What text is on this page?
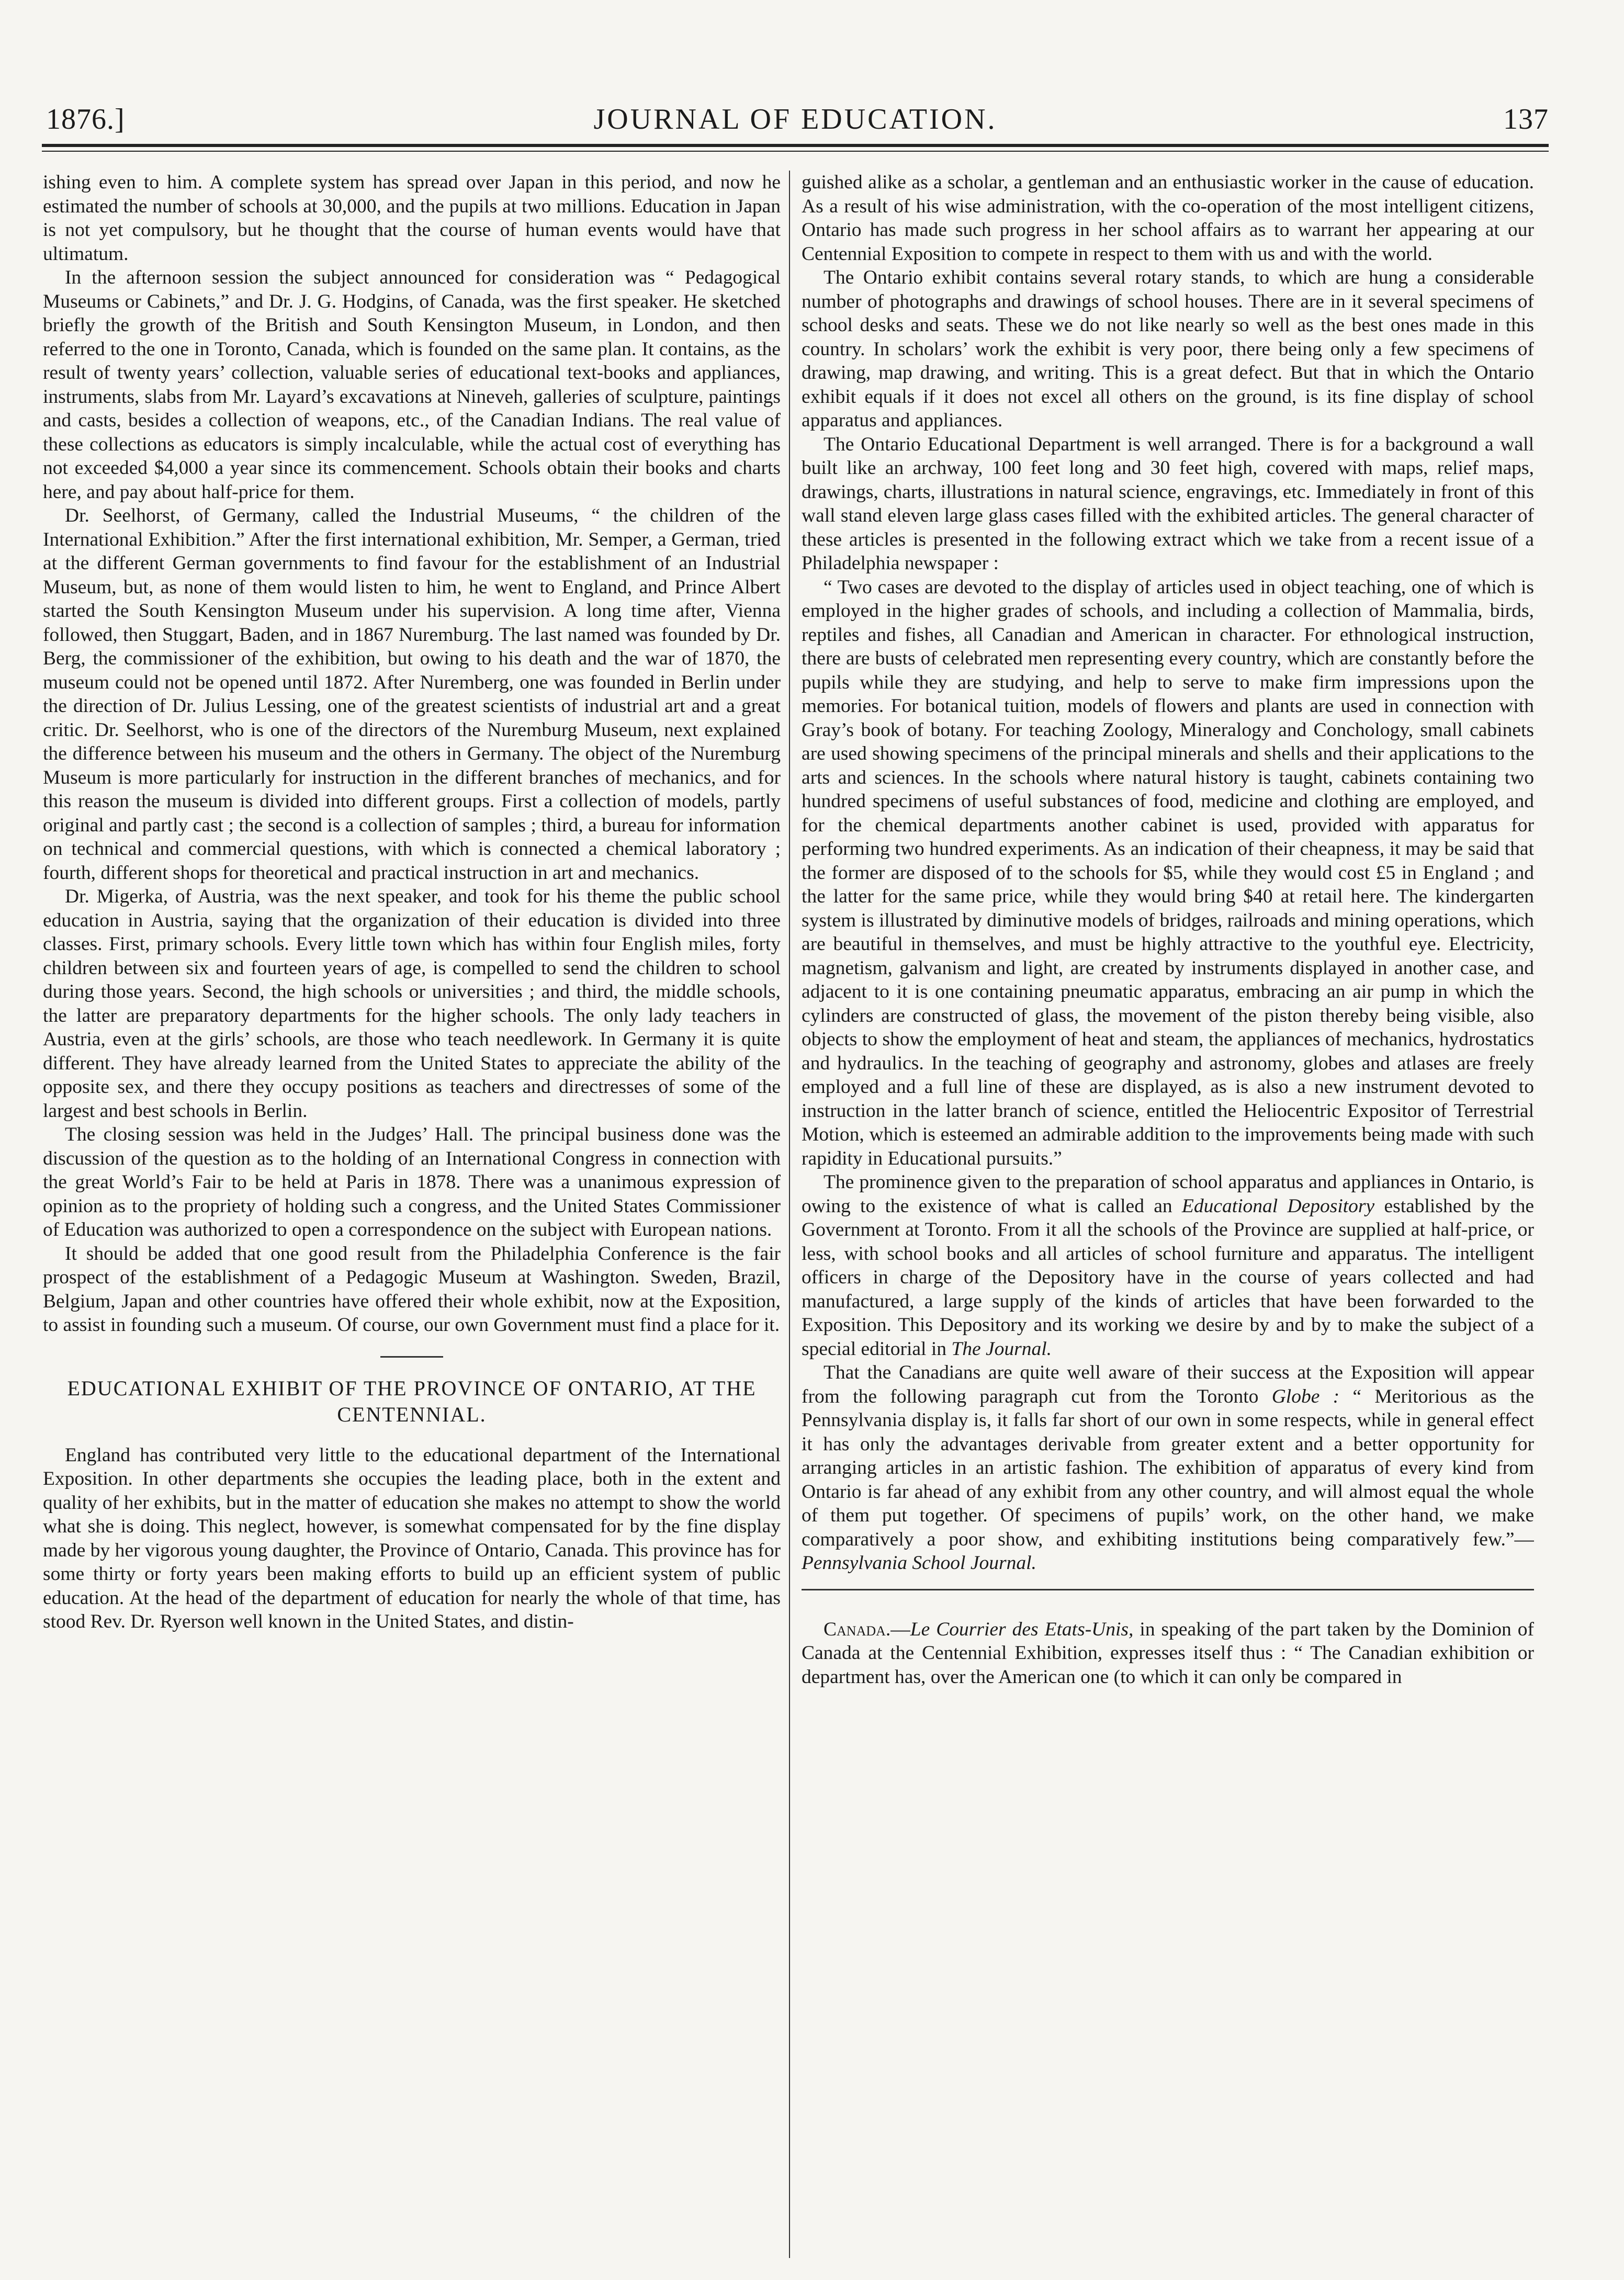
1876.]	JOURNAL OF EDUCATION.	137

ishing even to him. A complete system has spread over Japan in this period, and now he estimated the number of schools at 30,000, and the pupils at two millions. Education in Japan is not yet compulsory, but he thought that the course of human events would have that ultimatum.

In the afternoon session the subject announced for consideration was “ Pedagogical Museums or Cabinets,” and Dr. J. G. Hodgins, of Canada, was the first speaker. He sketched briefly the growth of the British and South Kensington Museum, in London, and then referred to the one in Toronto, Canada, which is founded on the same plan. It contains, as the result of twenty years’ collection, valuable series of educational text-books and appliances, instruments, slabs from Mr. Layard’s excavations at Nineveh, galleries of sculpture, paintings and casts, besides a collection of weapons, etc., of the Canadian Indians. The real value of these collections as educators is simply incalculable, while the actual cost of everything has not exceeded $4,000 a year since its commencement. Schools obtain their books and charts here, and pay about half-price for them.

Dr. Seelhorst, of Germany, called the Industrial Museums, “ the children of the International Exhibition.” After the first international exhibition, Mr. Semper, a German, tried at the different German governments to find favour for the establishment of an Industrial Museum, but, as none of them would listen to him, he went to England, and Prince Albert started the South Kensington Museum under his supervision. A long time after, Vienna followed, then Stuggart, Baden, and in 1867 Nuremburg. The last named was founded by Dr. Berg, the commissioner of the exhibition, but owing to his death and the war of 1870, the museum could not be opened until 1872. After Nuremberg, one was founded in Berlin under the direction of Dr. Julius Lessing, one of the greatest scientists of industrial art and a great critic. Dr. Seelhorst, who is one of the directors of the Nuremburg Museum, next explained the difference between his museum and the others in Germany. The object of the Nuremburg Museum is more particularly for instruction in the different branches of mechanics, and for this reason the museum is divided into different groups. First a collection of models, partly original and partly cast ; the second is a collection of samples ; third, a bureau for information on technical and commercial questions, with which is connected a chemical laboratory ; fourth, different shops for theoretical and practical instruction in art and mechanics.

Dr. Migerka, of Austria, was the next speaker, and took for his theme the public school education in Austria, saying that the organization of their education is divided into three classes. First, primary schools. Every little town which has within four English miles, forty children between six and fourteen years of age, is compelled to send the children to school during those years. Second, the high schools or universities ; and third, the middle schools, the latter are preparatory departments for the higher schools. The only lady teachers in Austria, even at the girls’ schools, are those who teach needlework. In Germany it is quite different. They have already learned from the United States to appreciate the ability of the opposite sex, and there they occupy positions as teachers and directresses of some of the largest and best schools in Berlin.

The closing session was held in the Judges’ Hall. The principal business done was the discussion of the question as to the holding of an International Congress in connection with the great World’s Fair to be held at Paris in 1878. There was a unanimous expression of opinion as to the propriety of holding such a congress, and the United States Commissioner of Education was authorized to open a correspondence on the subject with European nations.

It should be added that one good result from the Philadelphia Conference is the fair prospect of the establishment of a Pedagogic Museum at Washington. Sweden, Brazil, Belgium, Japan and other countries have offered their whole exhibit, now at the Exposition, to assist in founding such a museum. Of course, our own Government must find a place for it.

EDUCATIONAL EXHIBIT OF THE PROVINCE OF ONTARIO, AT THE CENTENNIAL.

England has contributed very little to the educational department of the International Exposition. In other departments she occupies the leading place, both in the extent and quality of her exhibits, but in the matter of education she makes no attempt to show the world what she is doing. This neglect, however, is somewhat compensated for by the fine display made by her vigorous young daughter, the Province of Ontario, Canada. This province has for some thirty or forty years been making efforts to build up an efficient system of public education. At the head of the department of education for nearly the whole of that time, has stood Rev. Dr. Ryerson well known in the United States, and distin-

guished alike as a scholar, a gentleman and an enthusiastic worker in the cause of education. As a result of his wise administration, with the co-operation of the most intelligent citizens, Ontario has made such progress in her school affairs as to warrant her appearing at our Centennial Exposition to compete in respect to them with us and with the world.

The Ontario exhibit contains several rotary stands, to which are hung a considerable number of photographs and drawings of school houses. There are in it several specimens of school desks and seats. These we do not like nearly so well as the best ones made in this country. In scholars’ work the exhibit is very poor, there being only a few specimens of drawing, map drawing, and writing. This is a great defect. But that in which the Ontario exhibit equals if it does not excel all others on the ground, is its fine display of school apparatus and appliances.

The Ontario Educational Department is well arranged. There is for a background a wall built like an archway, 100 feet long and 30 feet high, covered with maps, relief maps, drawings, charts, illustrations in natural science, engravings, etc. Immediately in front of this wall stand eleven large glass cases filled with the exhibited articles. The general character of these articles is presented in the following extract which we take from a recent issue of a Philadelphia newspaper :

“ Two cases are devoted to the display of articles used in object teaching, one of which is employed in the higher grades of schools, and including a collection of Mammalia, birds, reptiles and fishes, all Canadian and American in character. For ethnological instruction, there are busts of celebrated men representing every country, which are constantly before the pupils while they are studying, and help to serve to make firm impressions upon the memories. For botanical tuition, models of flowers and plants are used in connection with Gray’s book of botany. For teaching Zoology, Mineralogy and Conchology, small cabinets are used showing specimens of the principal minerals and shells and their applications to the arts and sciences. In the schools where natural history is taught, cabinets containing two hundred specimens of useful substances of food, medicine and clothing are employed, and for the chemical departments another cabinet is used, provided with apparatus for performing two hundred experiments. As an indication of their cheapness, it may be said that the former are disposed of to the schools for $5, while they would cost £5 in England ; and the latter for the same price, while they would bring $40 at retail here. The kindergarten system is illustrated by diminutive models of bridges, railroads and mining operations, which are beautiful in themselves, and must be highly attractive to the youthful eye. Electricity, magnetism, galvanism and light, are created by instruments displayed in another case, and adjacent to it is one containing pneumatic apparatus, embracing an air pump in which the cylinders are constructed of glass, the movement of the piston thereby being visible, also objects to show the employment of heat and steam, the appliances of mechanics, hydrostatics and hydraulics. In the teaching of geography and astronomy, globes and atlases are freely employed and a full line of these are displayed, as is also a new instrument devoted to instruction in the latter branch of science, entitled the Heliocentric Expositor of Terrestrial Motion, which is esteemed an admirable addition to the improvements being made with such rapidity in Educational pursuits.”

The prominence given to the preparation of school apparatus and appliances in Ontario, is owing to the existence of what is called an Educational Depository established by the Government at Toronto. From it all the schools of the Province are supplied at half-price, or less, with school books and all articles of school furniture and apparatus. The intelligent officers in charge of the Depository have in the course of years collected and had manufactured, a large supply of the kinds of articles that have been forwarded to the Exposition. This Depository and its working we desire by and by to make the subject of a special editorial in The Journal.

That the Canadians are quite well aware of their success at the Exposition will appear from the following paragraph cut from the Toronto Globe : “ Meritorious as the Pennsylvania display is, it falls far short of our own in some respects, while in general effect it has only the advantages derivable from greater extent and a better opportunity for arranging articles in an artistic fashion. The exhibition of apparatus of every kind from Ontario is far ahead of any exhibit from any other country, and will almost equal the whole of them put together. Of specimens of pupils’ work, on the other hand, we make comparatively a poor show, and exhibiting institutions being comparatively few.”—Pennsylvania School Journal.

Canada.—Le Courrier des Etats-Unis, in speaking of the part taken by the Dominion of Canada at the Centennial Exhibition, expresses itself thus : “ The Canadian exhibition or department has, over the American one (to which it can only be compared in
